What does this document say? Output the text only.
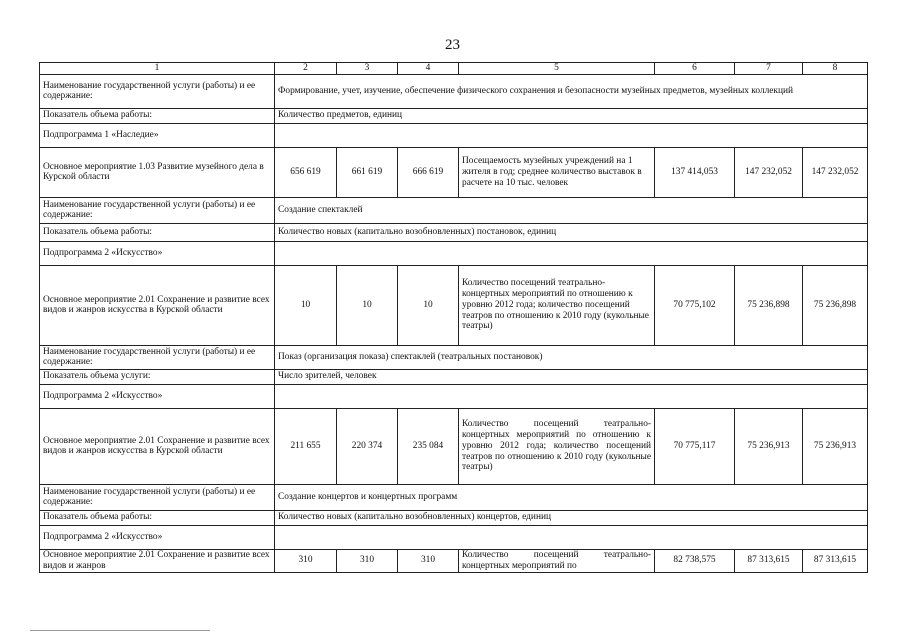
23
1	2	3	4	5	6	7	8
Наименование государственной услуги (работы) и ее содержание:	Формирование, учет, изучение, обеспечение физического сохранения и безопасности музейных предметов, музейных коллекций						
Показатель объема работы:	Количество предметов, единиц						
Подпрограмма 1 «Наследие»							
Основное мероприятие 1.03 Развитие музейного дела в Курской области	656 619	661 619	666 619	Посещаемость музейных учреждений на 1 жителя в год; среднее количество выставок в расчете на 10 тыс. человек	137 414,053	147 232,052	147 232,052
Наименование государственной услуги (работы) и ее содержание:	Создание спектаклей						
Показатель объема работы:	Количество новых (капитально возобновленных) постановок, единиц						
Подпрограмма 2 «Искусство»							
Основное мероприятие 2.01 Сохранение и развитие всех видов и жанров искусства в Курской области	10	10	10	Количество посещений театрально-концертных мероприятий по отношению к уровню 2012 года; количество посещений театров по отношению к 2010 году (кукольные театры)	70 775,102	75 236,898	75 236,898
Наименование государственной услуги (работы) и ее содержание:	Показ (организация показа) спектаклей (театральных постановок)						
Показатель объема услуги:	Число зрителей, человек						
Подпрограмма 2 «Искусство»							
Основное мероприятие 2.01 Сохранение и развитие всех видов и жанров искусства в Курской области	211 655	220 374	235 084	Количество посещений театрально-концертных мероприятий по отношению к уровню 2012 года; количество посещений театров по отношению к 2010 году (кукольные театры)	70 775,117	75 236,913	75 236,913
Наименование государственной услуги (работы) и ее содержание:	Создание концертов и концертных программ						
Показатель объема работы:	Количество новых (капитально возобновленных) концертов, единиц						
Подпрограмма 2 «Искусство»							
Основное мероприятие 2.01 Сохранение и развитие всех видов и жанров	310	310	310	Количество посещений театрально-концертных мероприятий по	82 738,575	87 313,615	87 313,615
